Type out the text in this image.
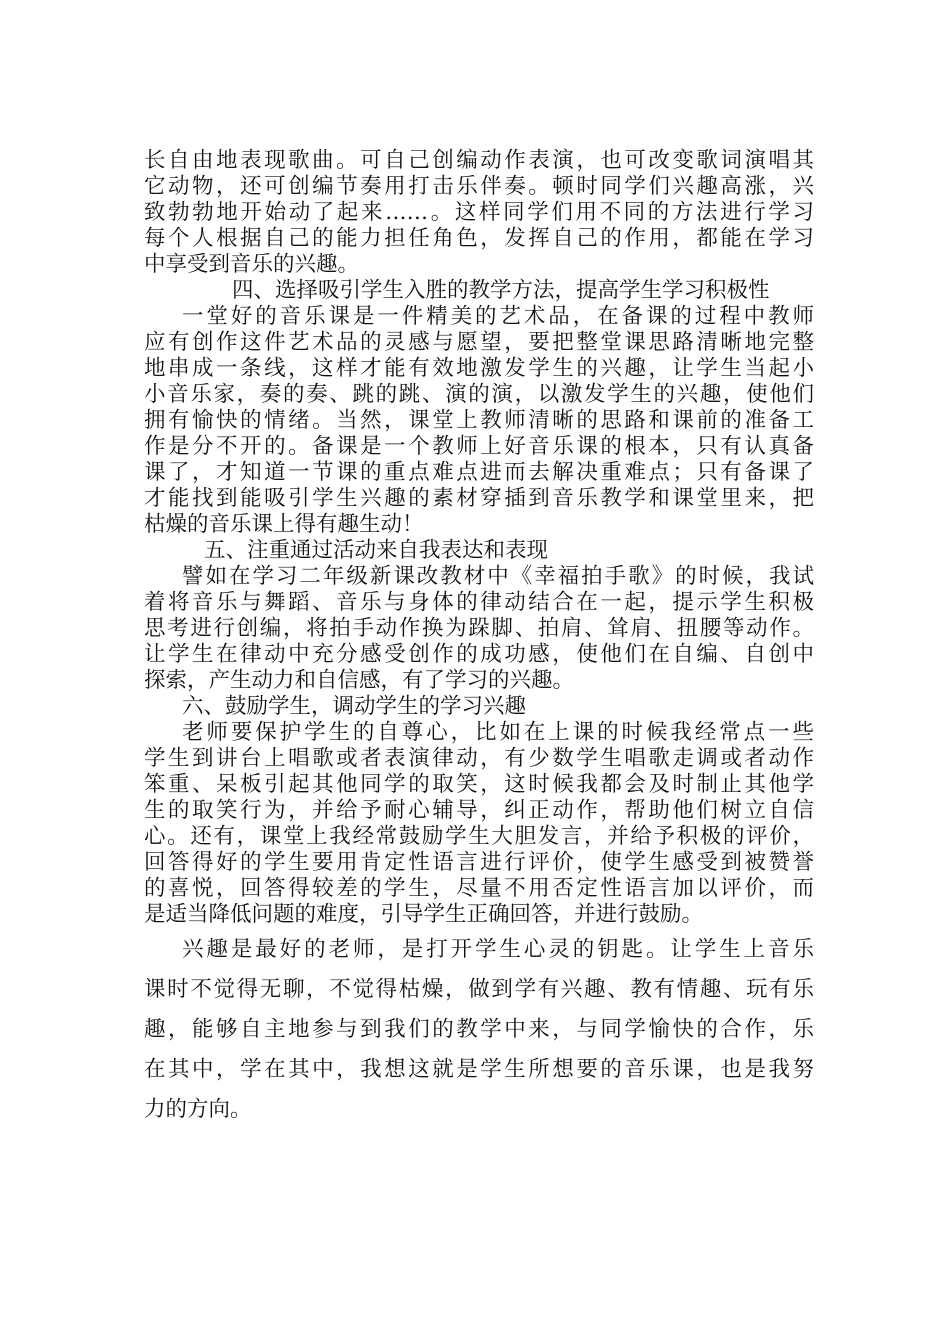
长自由地表现歌曲。可自己创编动作表演，也可改变歌词演唱其
它动物，还可创编节奏用打击乐伴奏。顿时同学们兴趣高涨，兴
致勃勃地开始动了起来……。这样同学们用不同的方法进行学习
每个人根据自己的能力担任角色，发挥自己的作用，都能在学习
中享受到音乐的兴趣。
四、选择吸引学生入胜的教学方法，提高学生学习积极性
一堂好的音乐课是一件精美的艺术品，在备课的过程中教师
应有创作这件艺术品的灵感与愿望，要把整堂课思路清晰地完整
地串成一条线，这样才能有效地激发学生的兴趣，让学生当起小
小音乐家，奏的奏、跳的跳、演的演，以激发学生的兴趣，使他们
拥有愉快的情绪。当然，课堂上教师清晰的思路和课前的准备工
作是分不开的。备课是一个教师上好音乐课的根本，只有认真备
课了，才知道一节课的重点难点进而去解决重难点；只有备课了
才能找到能吸引学生兴趣的素材穿插到音乐教学和课堂里来，把
枯燥的音乐课上得有趣生动！
五、注重通过活动来自我表达和表现
譬如在学习二年级新课改教材中《幸福拍手歌》的时候，我试
着将音乐与舞蹈、音乐与身体的律动结合在一起，提示学生积极
思考进行创编，将拍手动作换为跺脚、拍肩、耸肩、扭腰等动作。
让学生在律动中充分感受创作的成功感，使他们在自编、自创中
探索，产生动力和自信感，有了学习的兴趣。
六、鼓励学生，调动学生的学习兴趣
老师要保护学生的自尊心，比如在上课的时候我经常点一些
学生到讲台上唱歌或者表演律动，有少数学生唱歌走调或者动作
笨重、呆板引起其他同学的取笑，这时候我都会及时制止其他学
生的取笑行为，并给予耐心辅导，纠正动作，帮助他们树立自信
心。还有，课堂上我经常鼓励学生大胆发言，并给予积极的评价，
回答得好的学生要用肯定性语言进行评价，使学生感受到被赞誉
的喜悦，回答得较差的学生，尽量不用否定性语言加以评价，而
是适当降低问题的难度，引导学生正确回答，并进行鼓励。
兴趣是最好的老师，是打开学生心灵的钥匙。让学生上音乐
课时不觉得无聊，不觉得枯燥，做到学有兴趣、教有情趣、玩有乐
趣，能够自主地参与到我们的教学中来，与同学愉快的合作，乐
在其中，学在其中，我想这就是学生所想要的音乐课，也是我努
力的方向。
